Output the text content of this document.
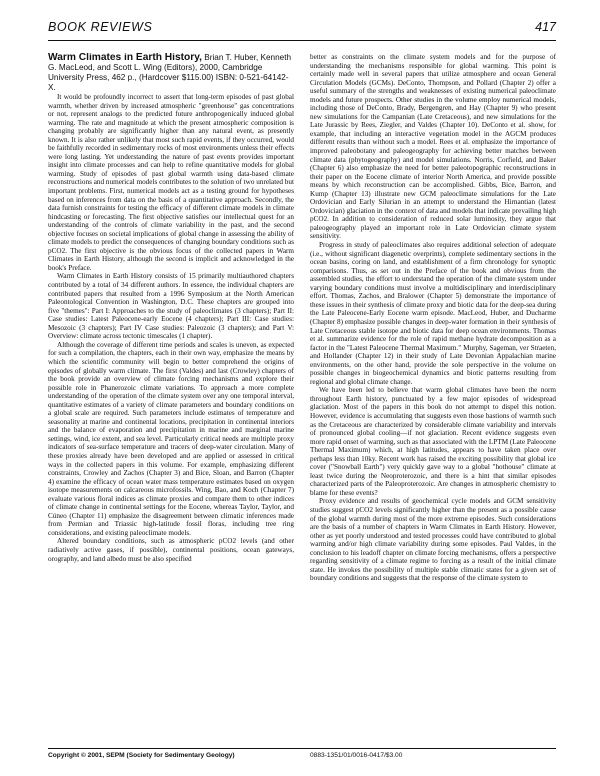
BOOK REVIEWS	417

Warm Climates in Earth History, Brian T. Huber, Kenneth G. MacLeod, and Scott L. Wing (Editors), 2000, Cambridge University Press, 462 p., (Hardcover $115.00) ISBN: 0-521-64142-X.

It would be profoundly incorrect to assert that long-term episodes of past global warmth, whether driven by increased atmospheric "greenhouse" gas concentrations or not, represent analogs to the predicted future anthropogenically induced global warming. The rate and magnitude at which the present atmospheric composition is changing probably are significantly higher than any natural event, as presently known. It is also rather unlikely that most such rapid events, if they occurred, would be faithfully recorded in sedimentary rocks of most environments unless their effects were long lasting. Yet understanding the nature of past events provides important insight into climate processes and can help to refine quantitative models for global warming. Study of episodes of past global warmth using data-based climate reconstructions and numerical models contributes to the solution of two unrelated but important problems. First, numerical models act as a testing ground for hypotheses based on inferences from data on the basis of a quantitative approach. Secondly, the data furnish constraints for testing the efficacy of different climate models in climate hindcasting or forecasting. The first objective satisfies our intellectual quest for an understanding of the controls of climate variability in the past, and the second objective focuses on societal implications of global change in assessing the ability of climate models to predict the consequences of changing boundary conditions such as pCO2. The first objective is the obvious focus of the collected papers in Warm Climates in Earth History, although the second is implicit and acknowledged in the book's Preface.

Warm Climates in Earth History consists of 15 primarily multiauthored chapters contributed by a total of 34 different authors. In essence, the individual chapters are contributed papers that resulted from a 1996 Symposium at the North American Paleontological Convention in Washington, D.C. These chapters are grouped into five "themes": Part I: Approaches to the study of paleoclimates (3 chapters); Part II: Case studies: Latest Paleocene-early Eocene (4 chapters); Part III: Case studies: Mesozoic (3 chapters); Part IV Case studies: Paleozoic (3 chapters); and Part V: Overview: climate across tectonic timescales (1 chapter).

Although the coverage of different time periods and scales is uneven, as expected for such a compilation, the chapters, each in their own way, emphasize the means by which the scientific community will begin to better comprehend the origins of episodes of globally warm climate. The first (Valdes) and last (Crowley) chapters of the book provide an overview of climate forcing mechanisms and explore their possible role in Phanerozoic climate variations. To approach a more complete understanding of the operation of the climate system over any one temporal interval, quantitative estimates of a variety of climate parameters and boundary conditions on a global scale are required. Such parameters include estimates of temperature and seasonality at marine and continental locations, precipitation in continental interiors and the balance of evaporation and precipitation in marine and marginal marine settings, wind, ice extent, and sea level. Particularly critical needs are multiple proxy indicators of sea-surface temperature and tracers of deep-water circulation. Many of these proxies already have been developed and are applied or assessed in critical ways in the collected papers in this volume. For example, emphasizing different constraints, Crowley and Zachos (Chapter 3) and Bice, Sloan, and Barron (Chapter 4) examine the efficacy of ocean water mass temperature estimates based on oxygen isotope measurements on calcareous microfossils. Wing, Bao, and Koch (Chapter 7) evaluate various floral indices as climate proxies and compare them to other indices of climate change in continental settings for the Eocene, whereas Taylor, Taylor, and Cúneo (Chapter 11) emphasize the disagreement between climatic inferences made from Permian and Triassic high-latitude fossil floras, including tree ring considerations, and existing paleoclimate models.

Altered boundary conditions, such as atmospheric pCO2 levels (and other radiatively active gases, if possible), continental positions, ocean gateways, orography, and land albedo must be also specified

better as constraints on the climate system models and for the purpose of understanding the mechanisms responsible for global warming. This point is certainly made well in several papers that utilize atmosphere and ocean General Circulation Models (GCMs). DeConto, Thompson, and Pollard (Chapter 2) offer a useful summary of the strengths and weaknesses of existing numerical paleoclimate models and future prospects. Other studies in the volume employ numerical models, including those of DeConto, Brady, Bergengren, and Hay (Chapter 9) who present new simulations for the Campanian (Late Cretaceous), and new simulations for the Late Jurassic by Rees, Ziegler, and Valdes (Chapter 10). DeConto et al. show, for example, that including an interactive vegetation model in the AGCM produces different results than without such a model. Rees et al. emphasize the importance of improved paleobotany and paleogeography for achieving better matches between climate data (phytogeography) and model simulations. Norris, Corfield, and Baker (Chapter 6) also emphasize the need for better paleotopographic reconstructions in their paper on the Eocene climate of interior North America, and provide possible means by which reconstruction can be accomplished. Gibbs, Bice, Barron, and Kump (Chapter 13) illustrate new GCM paleoclimate simulations for the Late Ordovician and Early Silurian in an attempt to understand the Hirnantian (latest Ordovician) glaciation in the context of data and models that indicate prevailing high pCO2. In addition to consideration of reduced solar luminosity, they argue that paleogeography played an important role in Late Ordovician climate system sensitivity.

Progress in study of paleoclimates also requires additional selection of adequate (i.e., without significant diagenetic overprints), complete sedimentary sections in the ocean basins, coring on land, and establishment of a firm chronology for synoptic comparisons. Thus, as set out in the Preface of the book and obvious from the assembled studies, the effort to understand the operation of the climate system under varying boundary conditions must involve a multidisciplinary and interdisciplinary effort. Thomas, Zachos, and Bralower (Chapter 5) demonstrate the importance of these issues in their synthesis of climate proxy and biotic data for the deep-sea during the Late Paleocene-Early Eocene warm episode. MacLeod, Huber, and Ducharme (Chapter 8) emphasize possible changes in deep-water formation in their synthesis of Late Cretaceous stable isotope and biotic data for deep ocean environments. Thomas et al. summarize evidence for the role of rapid methane hydrate decomposition as a factor in the "Latest Paleocene Thermal Maximum." Murphy, Sageman, ver Straeten, and Hollander (Chapter 12) in their study of Late Devonian Appalachian marine environments, on the other hand, provide the sole perspective in the volume on possible changes in biogeochemical dynamics and biotic patterns resulting from regional and global climate change.

We have been led to believe that warm global climates have been the norm throughout Earth history, punctuated by a few major episodes of widespread glaciation. Most of the papers in this book do not attempt to dispel this notion. However, evidence is accumulating that suggests even those bastions of warmth such as the Cretaceous are characterized by considerable climate variability and intervals of pronounced global cooling—if not glaciation. Recent evidence suggests even more rapid onset of warming, such as that associated with the LPTM (Late Paleocene Thermal Maximum) which, at high latitudes, appears to have taken place over perhaps less than 10ky. Recent work has raised the exciting possibility that global ice cover ("Snowball Earth") very quickly gave way to a global "hothouse" climate at least twice during the Neoproterozoic, and there is a hint that similar episodes characterized parts of the Paleoproterozoic. Are changes in atmospheric chemistry to blame for these events?

Proxy evidence and results of geochemical cycle models and GCM sensitivity studies suggest pCO2 levels significantly higher than the present as a possible cause of the global warmth during most of the more extreme episodes. Such considerations are the basis of a number of chapters in Warm Climates in Earth History. However, other as yet poorly understood and tested processes could have contributed to global warming and/or high climate variability during some episodes. Paul Valdes, in the conclusion to his leadoff chapter on climate forcing mechanisms, offers a perspective regarding sensitivity of a climate regime to forcing as a result of the initial climate state. He invokes the possibility of multiple stable climatic states for a given set of boundary conditions and suggests that the response of the climate system to

Copyright © 2001, SEPM (Society for Sedimentary Geology)	0883-1351/01/0016-0417/$3.00
